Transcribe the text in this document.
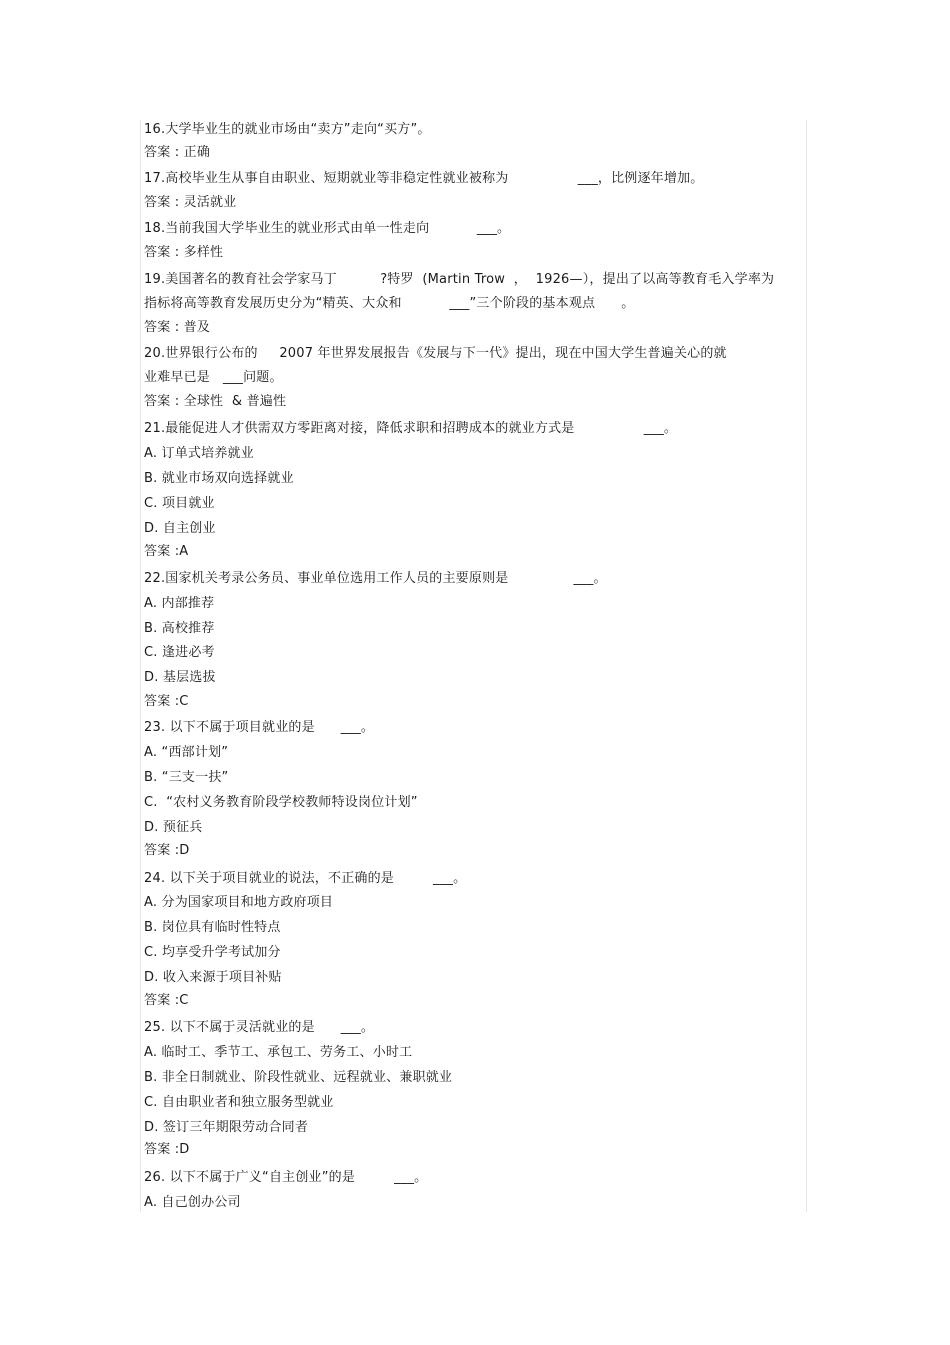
16.大学毕业生的就业市场由“卖方”走向“买方”。
答案 : 正确
17.高校毕业生从事自由职业、短期就业等非稳定性就业被称为                ___，比例逐年增加。
答案 : 灵活就业
18.当前我国大学毕业生的就业形式由单一性走向           ___。
答案 : 多样性
19.美国著名的教育社会学家马丁          ?特罗  (Martin Trow  ，  1926—），提出了以高等教育毛入学率为
指标将高等教育发展历史分为“精英、大众和           ___”三个阶段的基本观点      。
答案 : 普及
20.世界银行公布的     2007 年世界发展报告《发展与下一代》提出，现在中国大学生普遍关心的就
业难早已是   ___问题。
答案 : 全球性  & 普遍性
21.最能促进人才供需双方零距离对接，降低求职和招聘成本的就业方式是                ___。
A. 订单式培养就业
B. 就业市场双向选择就业
C. 项目就业
D. 自主创业
答案 :A
22.国家机关考录公务员、事业单位选用工作人员的主要原则是               ___。
A. 内部推荐
B. 高校推荐
C. 逢进必考
D. 基层选拔
答案 :C
23. 以下不属于项目就业的是      ___。
A. “西部计划”
B. “三支一扶”
C.  “农村义务教育阶段学校教师特设岗位计划”
D. 预征兵
答案 :D
24. 以下关于项目就业的说法，不正确的是         ___。
A. 分为国家项目和地方政府项目
B. 岗位具有临时性特点
C. 均享受升学考试加分
D. 收入来源于项目补贴
答案 :C
25. 以下不属于灵活就业的是      ___。
A. 临时工、季节工、承包工、劳务工、小时工
B. 非全日制就业、阶段性就业、远程就业、兼职就业
C. 自由职业者和独立服务型就业
D. 签订三年期限劳动合同者
答案 :D
26. 以下不属于广义“自主创业”的是         ___。
A. 自己创办公司
